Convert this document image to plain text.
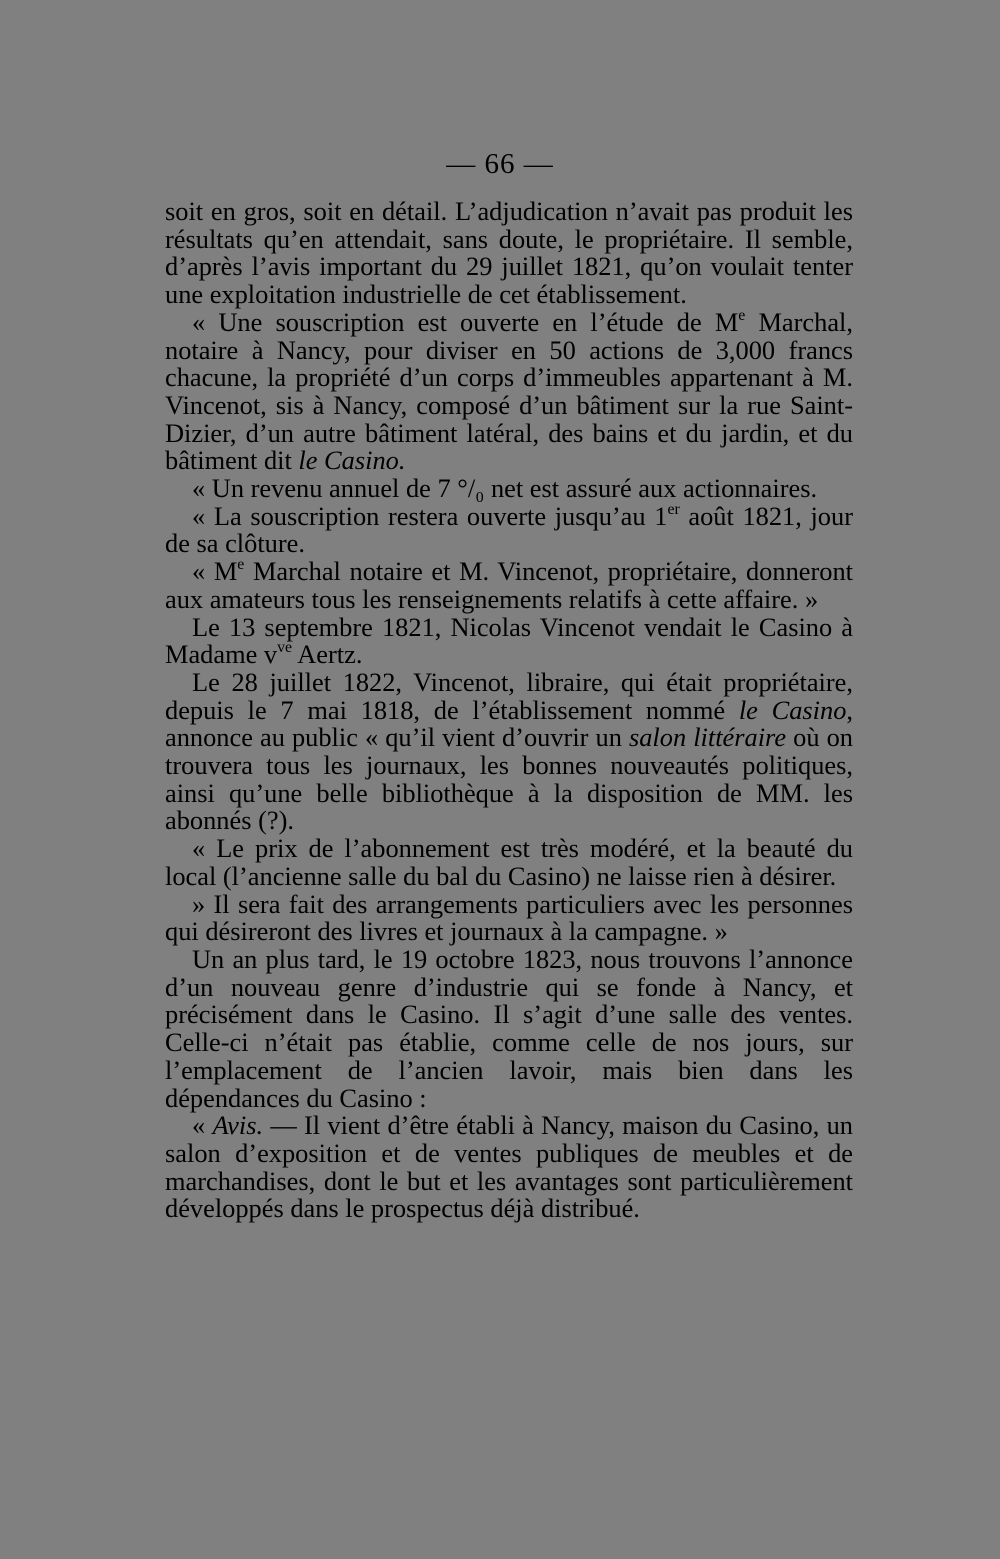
— 66 —

soit en gros, soit en détail. L’adjudication n’avait pas produit les résultats qu’en attendait, sans doute, le propriétaire. Il semble, d’après l’avis important du 29 juillet 1821, qu’on voulait tenter une exploitation industrielle de cet établissement.

« Une souscription est ouverte en l’étude de Me Marchal, notaire à Nancy, pour diviser en 50 actions de 3,000 francs chacune, la propriété d’un corps d’immeubles appartenant à M. Vincenot, sis à Nancy, composé d’un bâtiment sur la rue Saint-Dizier, d’un autre bâtiment latéral, des bains et du jardin, et du bâtiment dit le Casino.

« Un revenu annuel de 7 °/₀ net est assuré aux actionnaires.

« La souscription restera ouverte jusqu’au 1er août 1821, jour de sa clôture.

« Me Marchal notaire et M. Vincenot, propriétaire, donneront aux amateurs tous les renseignements relatifs à cette affaire. »

Le 13 septembre 1821, Nicolas Vincenot vendait le Casino à Madame $v^{ve}$ Aertz.

Le 28 juillet 1822, Vincenot, libraire, qui était propriétaire, depuis le 7 mai 1818, de l’établissement nommé le Casino, annonce au public « qu’il vient d’ouvrir un salon littéraire où on trouvera tous les journaux, les bonnes nouveautés politiques, ainsi qu’une belle bibliothèque à la disposition de MM. les abonnés (?).

« Le prix de l’abonnement est très modéré, et la beauté du local (l’ancienne salle du bal du Casino) ne laisse rien à désirer.

» Il sera fait des arrangements particuliers avec les personnes qui désireront des livres et journaux à la campagne. »

Un an plus tard, le 19 octobre 1823, nous trouvons l’annonce d’un nouveau genre d’industrie qui se fonde à Nancy, et précisément dans le Casino. Il s’agit d’une salle des ventes. Celle-ci n’était pas établie, comme celle de nos jours, sur l’emplacement de l’ancien lavoir, mais bien dans les dépendances du Casino :

« Avis. — Il vient d’être établi à Nancy, maison du Casino, un salon d’exposition et de ventes publiques de meubles et de marchandises, dont le but et les avantages sont particulièrement développés dans le prospectus déjà distribué.
